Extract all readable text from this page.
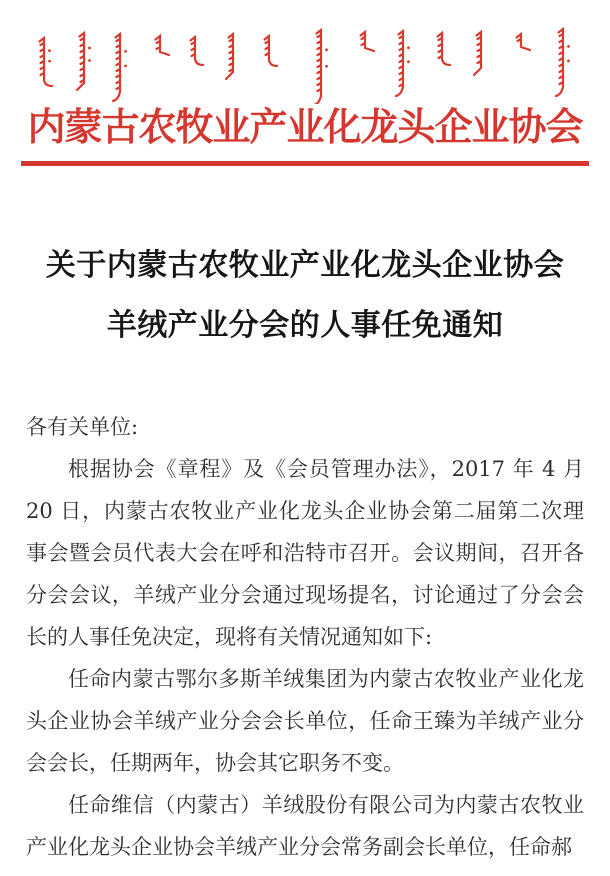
内蒙古农牧业产业化龙头企业协会
关于内蒙古农牧业产业化龙头企业协会
羊绒产业分会的人事任免通知

各有关单位:

根据协会《章程》及《会员管理办法》，2017 年 4 月 20 日，内蒙古农牧业产业化龙头企业协会第二届第二次理事会暨会员代表大会在呼和浩特市召开。会议期间，召开各分会会议，羊绒产业分会通过现场提名，讨论通过了分会会长的人事任免决定，现将有关情况通知如下:

任命内蒙古鄂尔多斯羊绒集团为内蒙古农牧业产业化龙头企业协会羊绒产业分会会长单位，任命王臻为羊绒产业分会会长，任期两年，协会其它职务不变。

任命维信（内蒙古）羊绒股份有限公司为内蒙古农牧业产业化龙头企业协会羊绒产业分会常务副会长单位，任命郝
